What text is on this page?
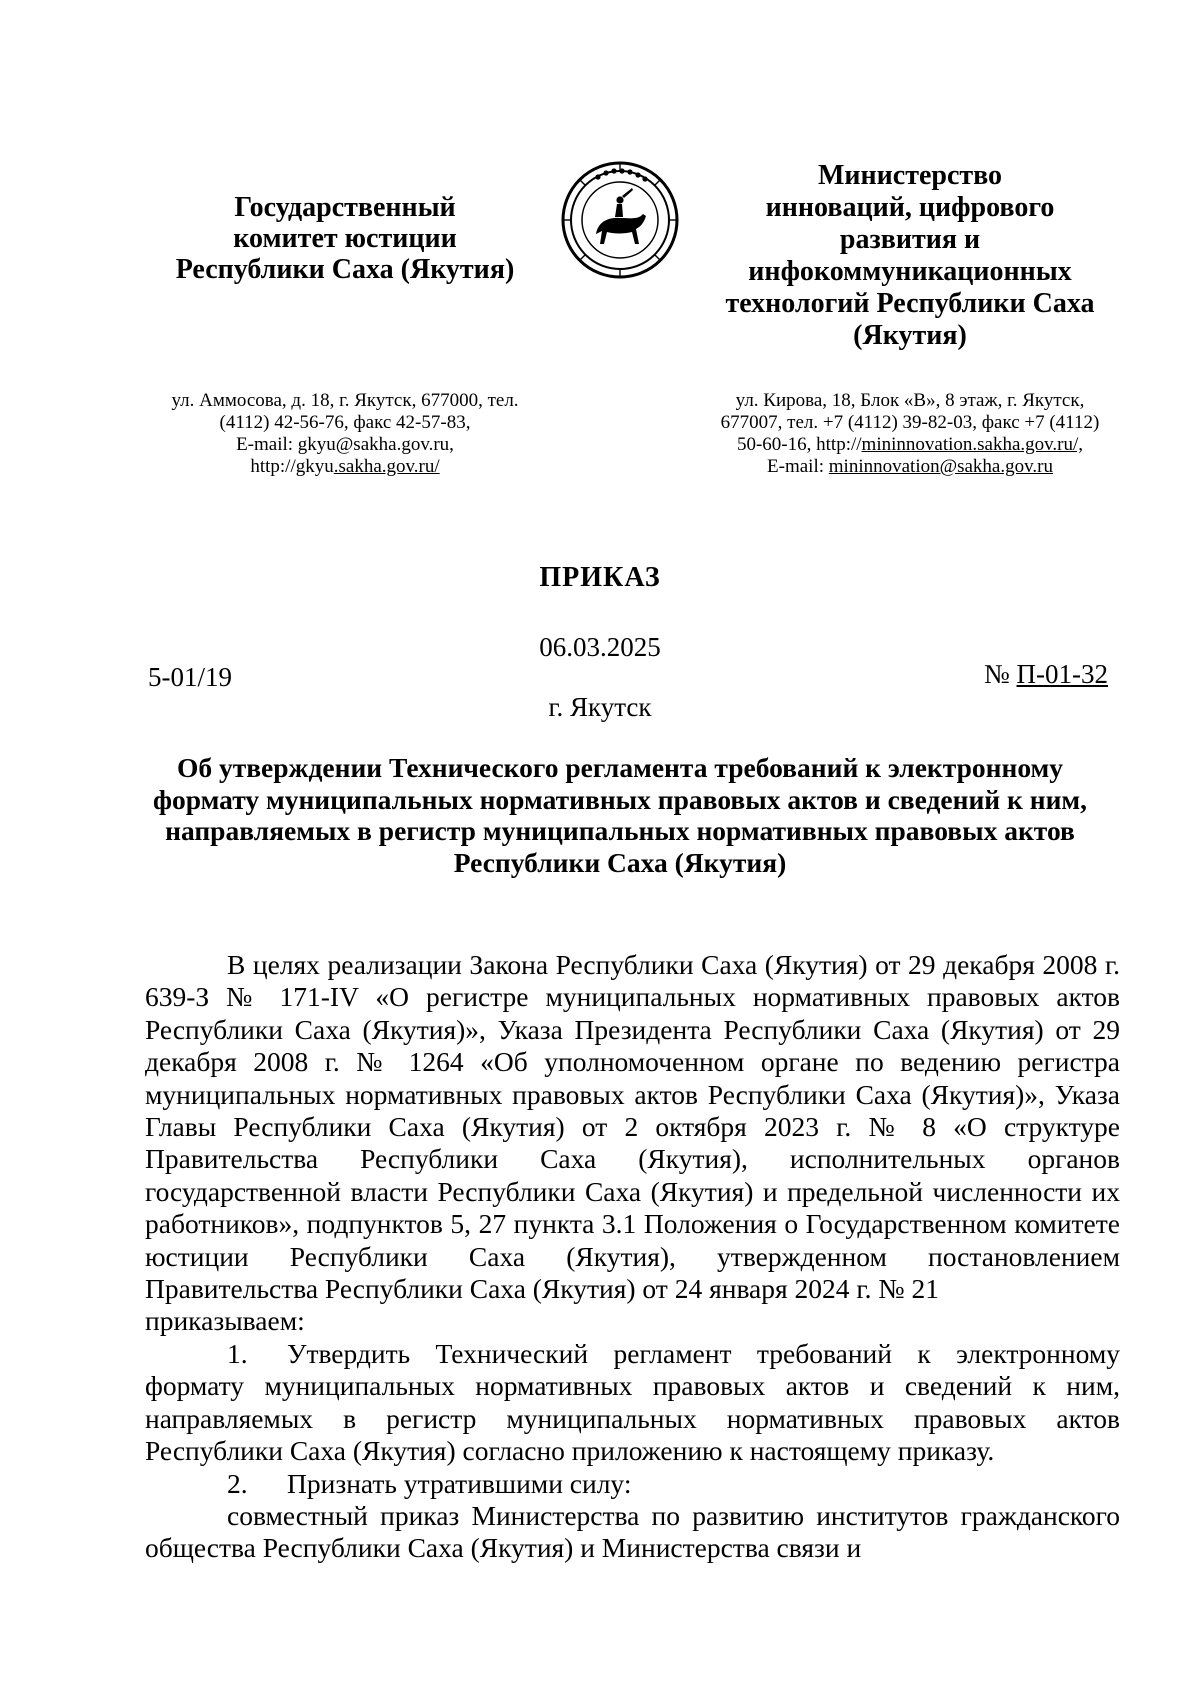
Государственный
комитет юстиции
Республики Саха (Якутия)
Министерство
инноваций, цифрового
развития и
инфокоммуникационных
технологий Республики Саха
(Якутия)
ул. Аммосова, д. 18, г. Якутск, 677000, тел.
(4112) 42-56-76, факс 42-57-83,
E-mail: gkyu@sakha.gov.ru,
http://gkyu.sakha.gov.ru/
ул. Кирова, 18, Блок «В», 8 этаж, г. Якутск,
677007, тел. +7 (4112) 39-82-03, факс +7 (4112)
50-60-16, http://mininnovation.sakha.gov.ru/,
E-mail: mininnovation@sakha.gov.ru
ПРИКАЗ
06.03.2025
5-01/19	№ П-01-32
г. Якутск
Об утверждении Технического регламента требований к электронному формату муниципальных нормативных правовых актов и сведений к ним, направляемых в регистр муниципальных нормативных правовых актов Республики Саха (Якутия)

В целях реализации Закона Республики Саха (Якутия) от 29 декабря 2008 г. 639-З № 171-IV «О регистре муниципальных нормативных правовых актов Республики Саха (Якутия)», Указа Президента Республики Саха (Якутия) от 29 декабря 2008 г. № 1264 «Об уполномоченном органе по ведению регистра муниципальных нормативных правовых актов Республики Саха (Якутия)», Указа Главы Республики Саха (Якутия) от 2 октября 2023 г. № 8 «О структуре Правительства Республики Саха (Якутия), исполнительных органов государственной власти Республики Саха (Якутия) и предельной численности их работников», подпунктов 5, 27 пункта 3.1 Положения о Государственном комитете юстиции Республики Саха (Якутия), утвержденном постановлением Правительства Республики Саха (Якутия) от 24 января 2024 г. № 21

приказываем:

1. Утвердить Технический регламент требований к электронному формату муниципальных нормативных правовых актов и сведений к ним, направляемых в регистр муниципальных нормативных правовых актов Республики Саха (Якутия) согласно приложению к настоящему приказу.

2. Признать утратившими силу:

совместный приказ Министерства по развитию институтов гражданского общества Республики Саха (Якутия) и Министерства связи и
